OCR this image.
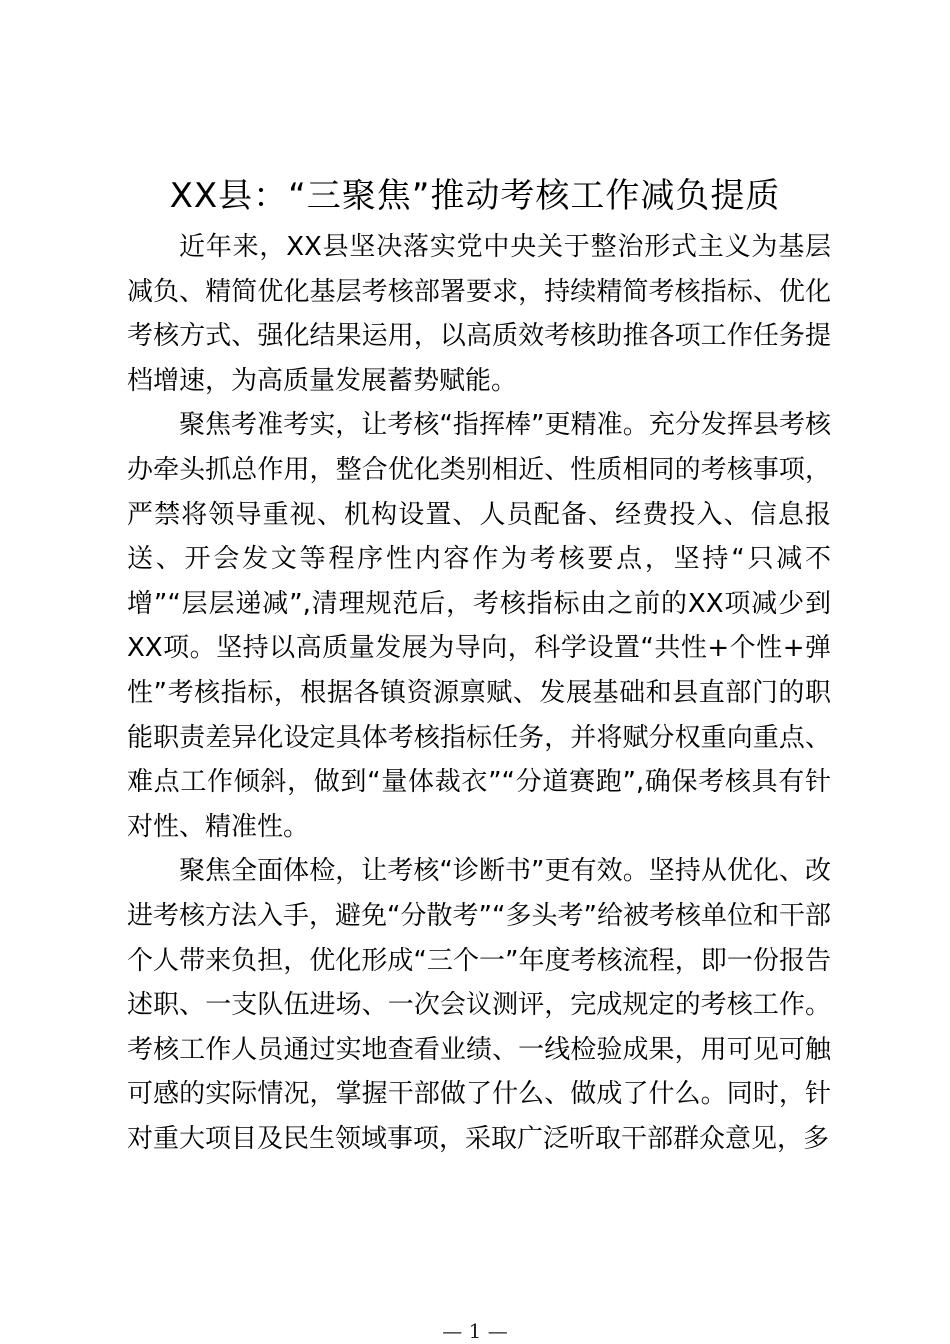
XX县：“三聚焦”推动考核工作减负提质

近年来，XX县坚决落实党中央关于整治形式主义为基层减负、精简优化基层考核部署要求，持续精简考核指标、优化考核方式、强化结果运用，以高质效考核助推各项工作任务提档增速，为高质量发展蓄势赋能。

聚焦考准考实，让考核“指挥棒”更精准。充分发挥县考核办牵头抓总作用，整合优化类别相近、性质相同的考核事项，严禁将领导重视、机构设置、人员配备、经费投入、信息报送、开会发文等程序性内容作为考核要点，坚持“只减不增”“层层递减”,清理规范后，考核指标由之前的XX项减少到XX项。坚持以高质量发展为导向，科学设置“共性+个性+弹性”考核指标，根据各镇资源禀赋、发展基础和县直部门的职能职责差异化设定具体考核指标任务，并将赋分权重向重点、难点工作倾斜，做到“量体裁衣”“分道赛跑”,确保考核具有针对性、精准性。

聚焦全面体检，让考核“诊断书”更有效。坚持从优化、改进考核方法入手，避免“分散考”“多头考”给被考核单位和干部个人带来负担，优化形成“三个一”年度考核流程，即一份报告述职、一支队伍进场、一次会议测评，完成规定的考核工作。考核工作人员通过实地查看业绩、一线检验成果，用可见可触可感的实际情况，掌握干部做了什么、做成了什么。同时，针对重大项目及民生领域事项，采取广泛听取干部群众意见，多

— 1 —
